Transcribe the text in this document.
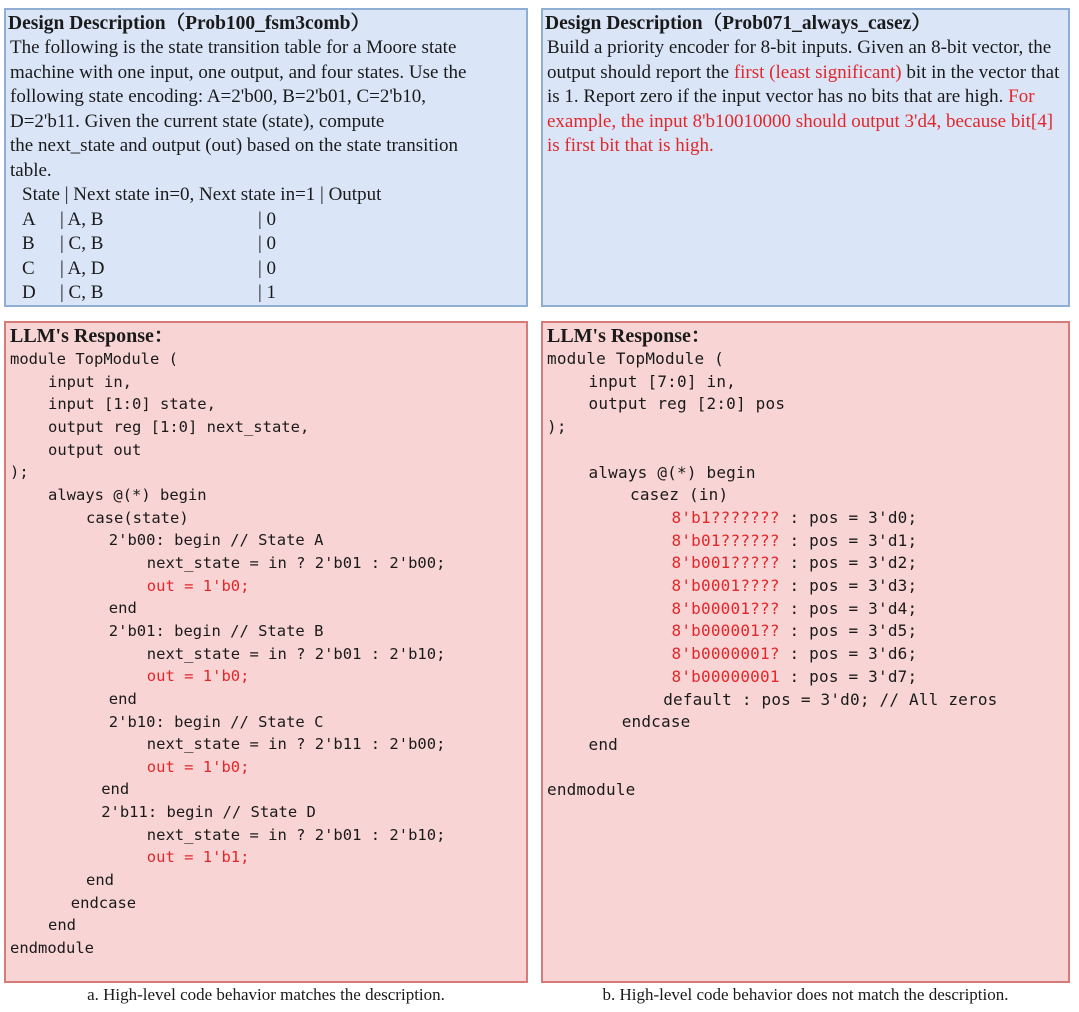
Design Description（Prob100_fsm3comb）
The following is the state transition table for a Moore state
machine with one input, one output, and four states. Use the
following state encoding: A=2'b00, B=2'b01, C=2'b10,
D=2'b11. Given the current state (state), compute
the next_state and output (out) based on the state transition
table.

State | Next state in=0, Next state in=1 | Output

A | A, B	| 0
B | C, B	| 0
C | A, D	| 0
D | C, B	| 1
Design Description（Prob071_always_casez）
Build a priority encoder for 8-bit inputs. Given an 8-bit vector, the output should report the first (least significant) bit in the vector that is 1. Report zero if the input vector has no bits that are high. For example, the input 8'b10010000 should output 3'd4, because bit[4] is first bit that is high.
LLM's Response：
module TopModule (
input in,
input [1:0] state,
output reg [1:0] next_state,
output out
);
always @(*) begin
case(state)
2'b00: begin // State A
next_state = in ? 2'b01 : 2'b00;
out = 1'b0;
end
2'b01: begin // State B
next_state = in ? 2'b01 : 2'b10;
out = 1'b0;
end
2'b10: begin // State C
next_state = in ? 2'b11 : 2'b00;
out = 1'b0;
end
2'b11: begin // State D
next_state = in ? 2'b01 : 2'b10;
out = 1'b1;
end
endcase
end
endmodule
LLM's Response：
module TopModule (
input [7:0] in,
output reg [2:0] pos
);
always @(*) begin
casez (in)
8'b1??????? : pos = 3'd0;
8'b01?????? : pos = 3'd1;
8'b001????? : pos = 3'd2;
8'b0001???? : pos = 3'd3;
8'b00001??? : pos = 3'd4;
8'b000001?? : pos = 3'd5;
8'b0000001? : pos = 3'd6;
8'b00000001 : pos = 3'd7;
default : pos = 3'd0; // All zeros
endcase
end
endmodule
a. High-level code behavior matches the description.	b. High-level code behavior does not match the description.
